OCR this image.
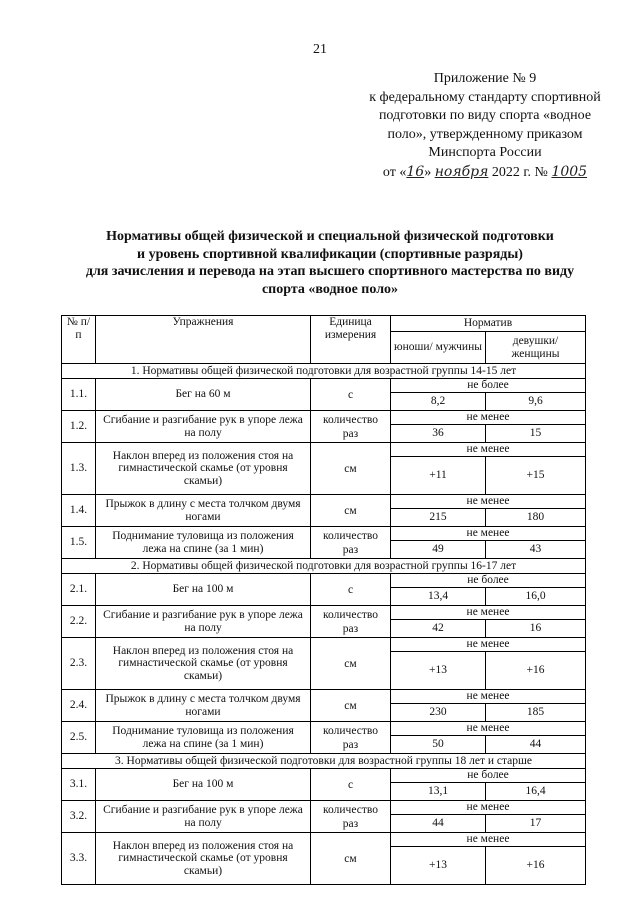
21
Приложение № 9
к федеральному стандарту спортивной
подготовки по виду спорта «водное
поло», утвержденному приказом
Минспорта России
от «16» ноября 2022 г. № 1005
Нормативы общей физической и специальной физической подготовки
и уровень спортивной квалификации (спортивные разряды)
для зачисления и перевода на этап высшего спортивного мастерства по виду
спорта «водное поло»
№ п/п	Упражнения	Единица измерения	Норматив	
			юноши/ мужчины	девушки/ женщины
1. Нормативы общей физической подготовки для возрастной группы 14-15 лет				
1.1.	Бег на 60 м	с	не более	
			8,2	9,6
1.2.	Сгибание и разгибание рук в упоре лежа на полу	количество раз	не менее	
			36	15
1.3.	Наклон вперед из положения стоя на гимнастической скамье (от уровня скамьи)	см	не менее	
			+11	+15
1.4.	Прыжок в длину с места толчком двумя ногами	см	не менее	
			215	180
1.5.	Поднимание туловища из положения лежа на спине (за 1 мин)	количество раз	не менее	
			49	43
2. Нормативы общей физической подготовки для возрастной группы 16-17 лет				
2.1.	Бег на 100 м	с	не более	
			13,4	16,0
2.2.	Сгибание и разгибание рук в упоре лежа на полу	количество раз	не менее	
			42	16
2.3.	Наклон вперед из положения стоя на гимнастической скамье (от уровня скамьи)	см	не менее	
			+13	+16
2.4.	Прыжок в длину с места толчком двумя ногами	см	не менее	
			230	185
2.5.	Поднимание туловища из положения лежа на спине (за 1 мин)	количество раз	не менее	
			50	44
3. Нормативы общей физической подготовки для возрастной группы 18 лет и старше				
3.1.	Бег на 100 м	с	не более	
			13,1	16,4
3.2.	Сгибание и разгибание рук в упоре лежа на полу	количество раз	не менее	
			44	17
3.3.	Наклон вперед из положения стоя на гимнастической скамье (от уровня скамьи)	см	не менее	
			+13	+16
